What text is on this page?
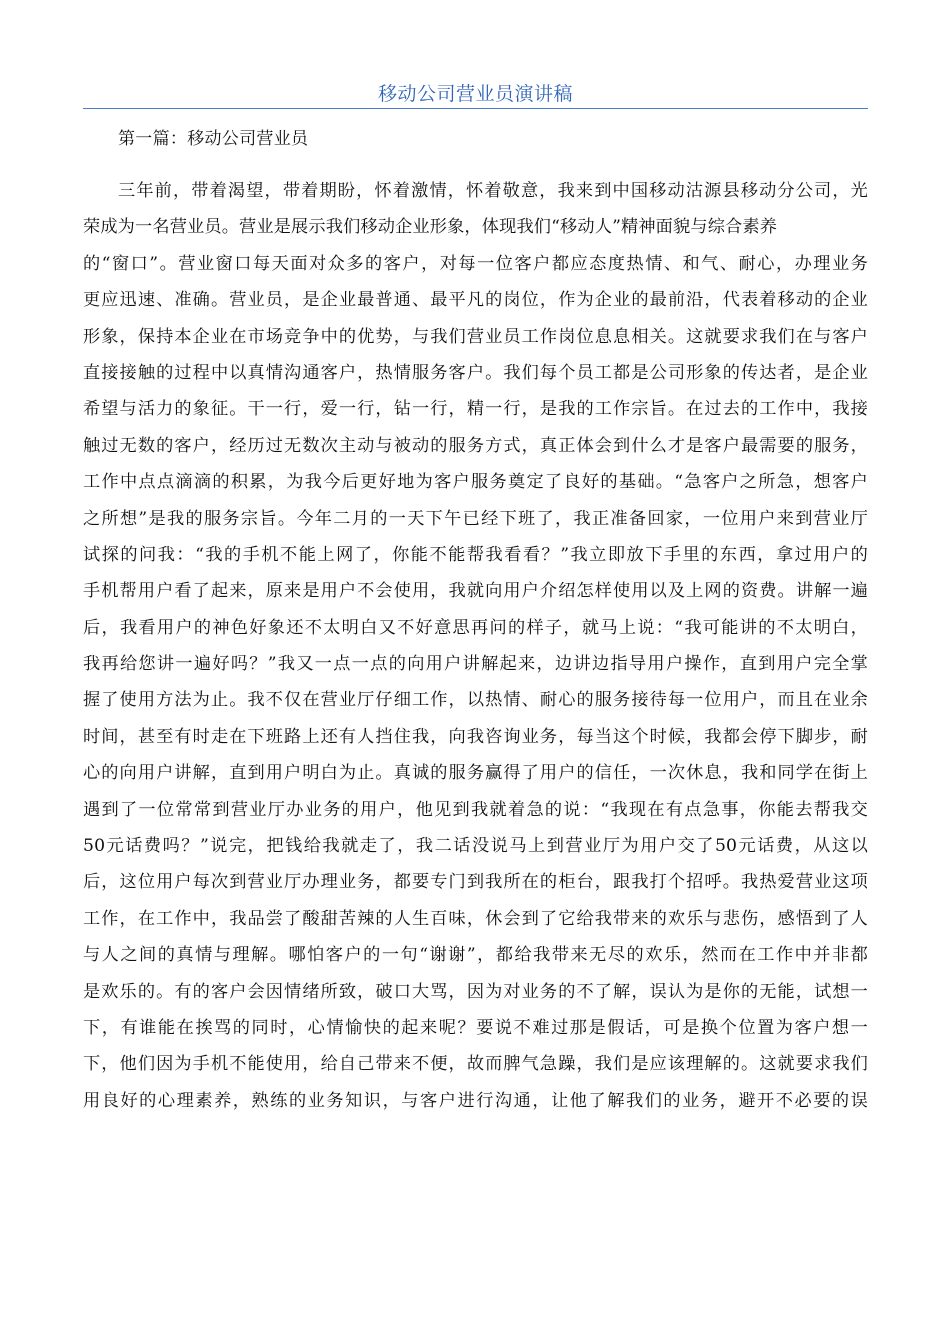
移动公司营业员演讲稿
第一篇：移动公司营业员
三年前，带着渴望，带着期盼，怀着激情，怀着敬意，我来到中国移动沽源县移动分公司，光
荣成为一名营业员。营业是展示我们移动企业形象，体现我们“移动人”精神面貌与综合素养
的“窗口”。营业窗口每天面对众多的客户，对每一位客户都应态度热情、和气、耐心，办理业务
更应迅速、准确。营业员，是企业最普通、最平凡的岗位，作为企业的最前沿，代表着移动的企业
形象，保持本企业在市场竞争中的优势，与我们营业员工作岗位息息相关。这就要求我们在与客户
直接接触的过程中以真情沟通客户，热情服务客户。我们每个员工都是公司形象的传达者，是企业
希望与活力的象征。干一行，爱一行，钻一行，精一行，是我的工作宗旨。在过去的工作中，我接
触过无数的客户，经历过无数次主动与被动的服务方式，真正体会到什么才是客户最需要的服务，
工作中点点滴滴的积累，为我今后更好地为客户服务奠定了良好的基础。“急客户之所急，想客户
之所想”是我的服务宗旨。今年二月的一天下午已经下班了，我正准备回家，一位用户来到营业厅
试探的问我：“我的手机不能上网了，你能不能帮我看看？”我立即放下手里的东西，拿过用户的
手机帮用户看了起来，原来是用户不会使用，我就向用户介绍怎样使用以及上网的资费。讲解一遍
后，我看用户的神色好象还不太明白又不好意思再问的样子，就马上说：“我可能讲的不太明白，
我再给您讲一遍好吗？”我又一点一点的向用户讲解起来，边讲边指导用户操作，直到用户完全掌
握了使用方法为止。我不仅在营业厅仔细工作，以热情、耐心的服务接待每一位用户，而且在业余
时间，甚至有时走在下班路上还有人挡住我，向我咨询业务，每当这个时候，我都会停下脚步，耐
心的向用户讲解，直到用户明白为止。真诚的服务赢得了用户的信任，一次休息，我和同学在街上
遇到了一位常常到营业厅办业务的用户，他见到我就着急的说：“我现在有点急事，你能去帮我交
50元话费吗？”说完，把钱给我就走了，我二话没说马上到营业厅为用户交了50元话费，从这以
后，这位用户每次到营业厅办理业务，都要专门到我所在的柜台，跟我打个招呼。我热爱营业这项
工作，在工作中，我品尝了酸甜苦辣的人生百味，休会到了它给我带来的欢乐与悲伤，感悟到了人
与人之间的真情与理解。哪怕客户的一句“谢谢”，都给我带来无尽的欢乐，然而在工作中并非都
是欢乐的。有的客户会因情绪所致，破口大骂，因为对业务的不了解，误认为是你的无能，试想一
下，有谁能在挨骂的同时，心情愉快的起来呢？要说不难过那是假话，可是换个位置为客户想一
下，他们因为手机不能使用，给自己带来不便，故而脾气急躁，我们是应该理解的。这就要求我们
用良好的心理素养，熟练的业务知识，与客户进行沟通，让他了解我们的业务，避开不必要的误
